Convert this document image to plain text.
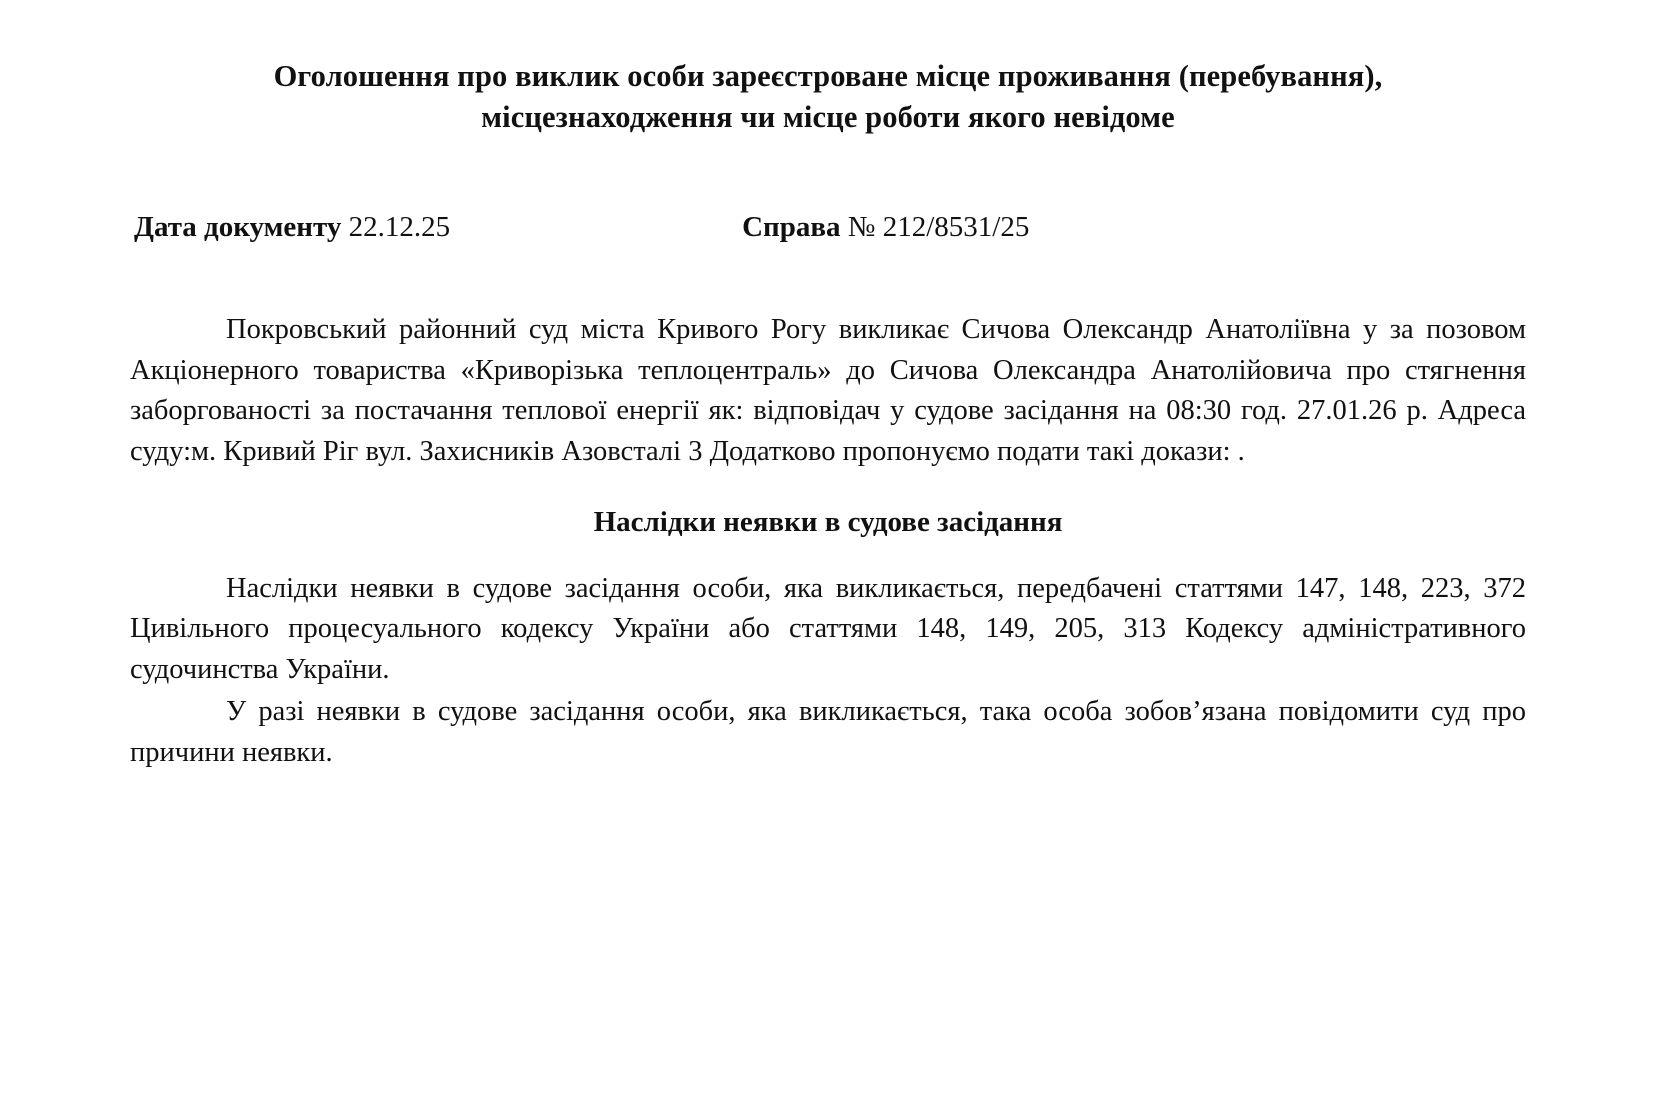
Оголошення про виклик особи зареєстроване місце проживання (перебування),
місцезнаходження чи місце роботи якого невідоме
Дата документу 22.12.25	Справа № 212/8531/25

Покровський районний суд міста Кривого Рогу викликає Сичова Олександр Анатоліївна у за позовом Акціонерного товариства «Криворізька теплоцентраль» до Сичова Олександра Анатолійовича про стягнення заборгованості за постачання теплової енергії як: відповідач у судове засідання на 08:30 год. 27.01.26 р. Адреса суду:м. Кривий Ріг вул. Захисників Азовсталі 3 Додатково пропонуємо подати такі докази: .

Наслідки неявки в судове засідання

Наслідки неявки в судове засідання особи, яка викликається, передбачені статтями 147, 148, 223, 372 Цивільного процесуального кодексу України або статтями 148, 149, 205, 313 Кодексу адміністративного судочинства України.

У разі неявки в судове засідання особи, яка викликається, така особа зобов’язана повідомити суд про причини неявки.
